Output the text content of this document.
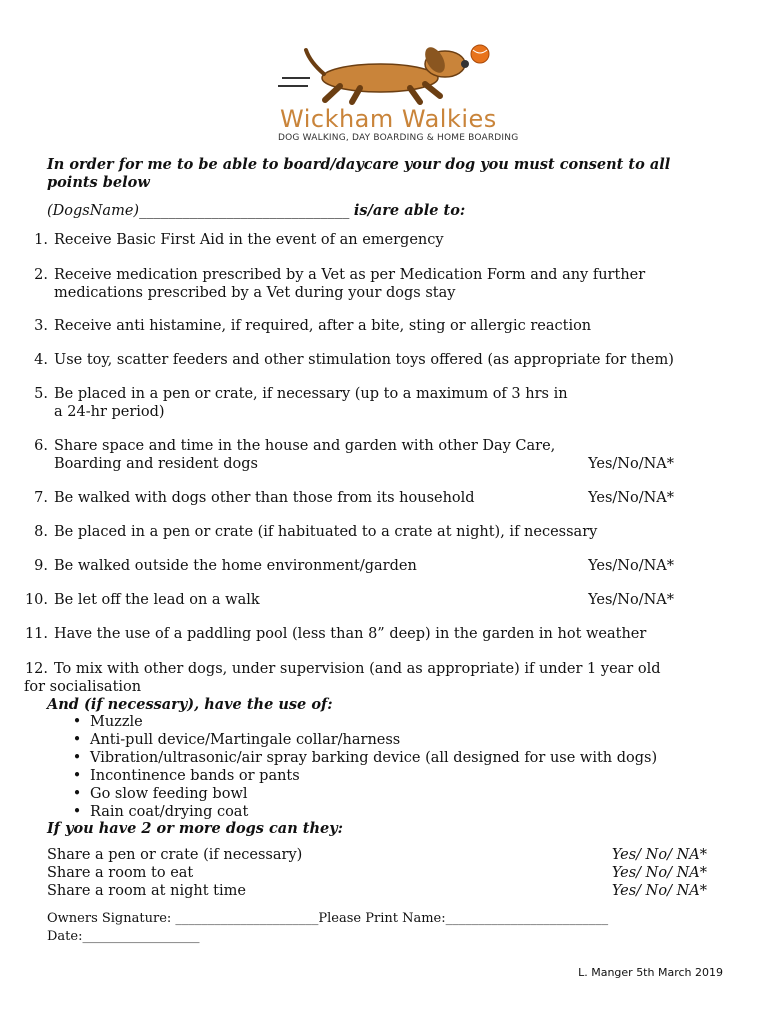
Wickham Walkies
DOG WALKING, DAY BOARDING & HOME BOARDING
In order for me to be able to board/daycare your dog you must consent to all
points below
(DogsName)_____________________________ is/are able to:
1. Receive Basic First Aid in the event of an emergency
2. Receive medication prescribed by a Vet as per Medication Form and any further
medications prescribed by a Vet during your dogs stay
3. Receive anti histamine, if required, after a bite, sting or allergic reaction
4. Use toy, scatter feeders and other stimulation toys offered (as appropriate for them)
5. Be placed in a pen or crate, if necessary (up to a maximum of 3 hrs in
a 24-hr period)
6. Share space and time in the house and garden with other Day Care,
Boarding and resident dogs	Yes/No/NA*
7. Be walked with dogs other than those from its household	Yes/No/NA*
8. Be placed in a pen or crate (if habituated to a crate at night), if necessary
9. Be walked outside the home environment/garden	Yes/No/NA*
10. Be let off the lead on a walk	Yes/No/NA*
11. Have the use of a paddling pool (less than 8” deep) in the garden in hot weather
12. To mix with other dogs, under supervision (and as appropriate) if under 1 year old
for socialisation
And (if necessary), have the use of:
• Muzzle
• Anti-pull device/Martingale collar/harness
• Vibration/ultrasonic/air spray barking device (all designed for use with dogs)
• Incontinence bands or pants
• Go slow feeding bowl
• Rain coat/drying coat
If you have 2 or more dogs can they:
Share a pen or crate (if necessary)	Yes/ No/ NA*
Share a room to eat	Yes/ No/ NA*
Share a room at night time	Yes/ No/ NA*
Owners Signature: ______________________Please Print Name:_________________________
Date:__________________
L. Manger 5th March 2019
